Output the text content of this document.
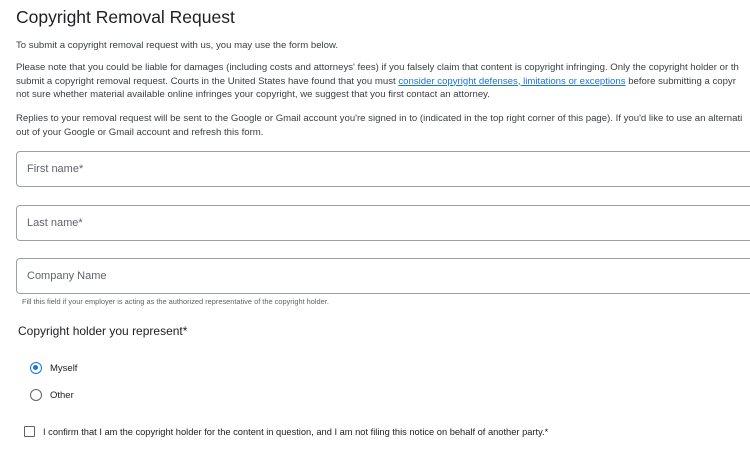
Copyright Removal Request
To submit a copyright removal request with us, you may use the form below.
Please note that you could be liable for damages (including costs and attorneys' fees) if you falsely claim that content is copyright infringing. Only the copyright holder or th
submit a copyright removal request. Courts in the United States have found that you must consider copyright defenses, limitations or exceptions before submitting a copyr
not sure whether material available online infringes your copyright, we suggest that you first contact an attorney.
Replies to your removal request will be sent to the Google or Gmail account you're signed in to (indicated in the top right corner of this page). If you'd like to use an alternati
out of your Google or Gmail account and refresh this form.
First name*
Last name*
Company Name
Fill this field if your employer is acting as the authorized representative of the copyright holder.
Copyright holder you represent*
Myself
Other
I confirm that I am the copyright holder for the content in question, and I am not filing this notice on behalf of another party.*
